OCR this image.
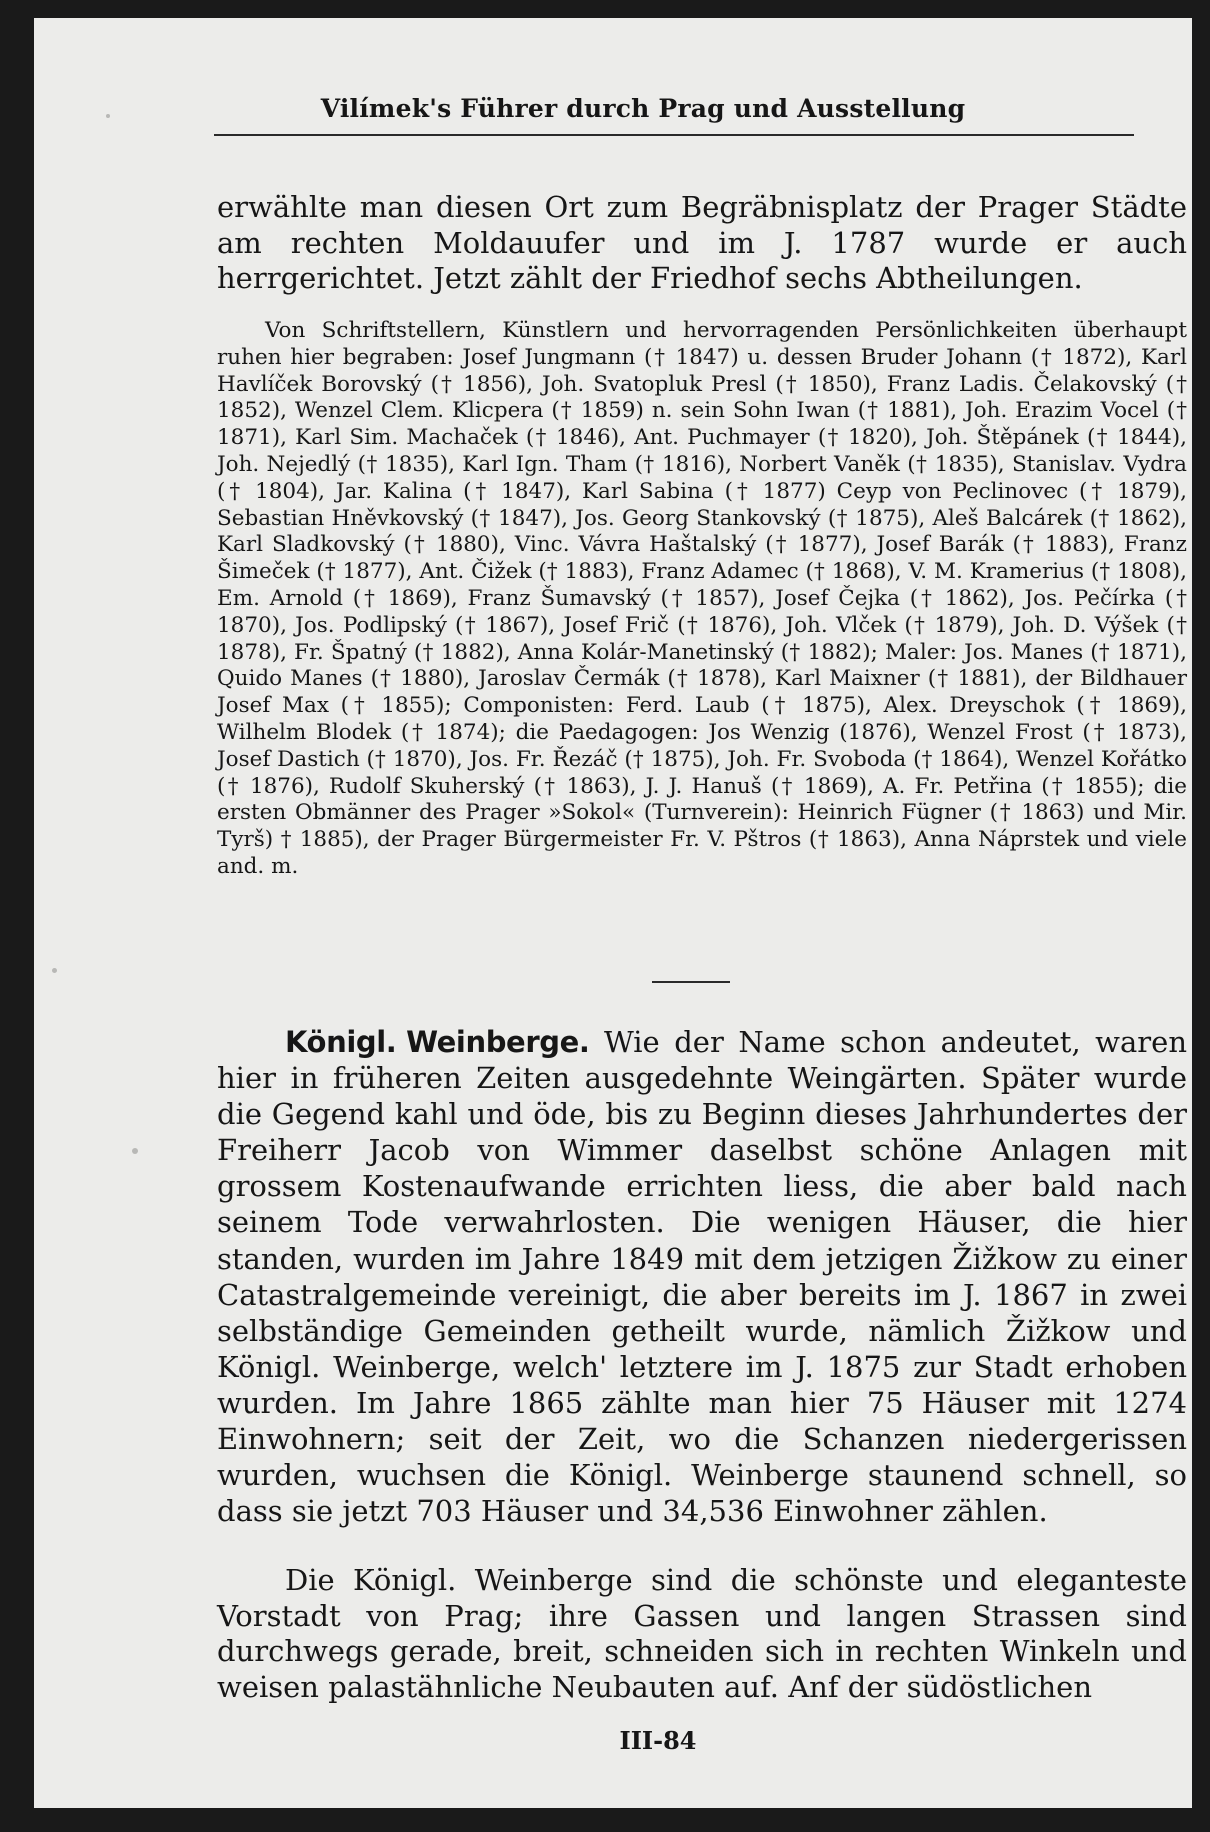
Vilímek's Führer durch Prag und Ausstellung
erwählte man diesen Ort zum Begräbnisplatz der Prager Städte am rechten Moldauufer und im J. 1787 wurde er auch herrgerichtet. Jetzt zählt der Friedhof sechs Abtheilungen.
Von Schriftstellern, Künstlern und hervorragenden Persönlichkeiten überhaupt ruhen hier begraben: Josef Jungmann († 1847) u. dessen Bruder Johann († 1872), Karl Havlíček Borovský († 1856), Joh. Svatopluk Presl († 1850), Franz Ladis. Čelakovský († 1852), Wenzel Clem. Klicpera († 1859) n. sein Sohn Iwan († 1881), Joh. Erazim Vocel († 1871), Karl Sim. Machaček († 1846), Ant. Puchmayer († 1820), Joh. Štěpánek († 1844), Joh. Nejedlý († 1835), Karl Ign. Tham († 1816), Norbert Vaněk († 1835), Stanislav. Vydra († 1804), Jar. Kalina († 1847), Karl Sabina († 1877) Ceyp von Peclinovec († 1879), Sebastian Hněvkovský († 1847), Jos. Georg Stankovský († 1875), Aleš Balcárek († 1862), Karl Sladkovský († 1880), Vinc. Vávra Haštalský († 1877), Josef Barák († 1883), Franz Šimeček († 1877), Ant. Čižek († 1883), Franz Adamec († 1868), V. M. Kramerius († 1808), Em. Arnold († 1869), Franz Šumavský († 1857), Josef Čejka († 1862), Jos. Pečírka († 1870), Jos. Podlipský († 1867), Josef Frič († 1876), Joh. Vlček († 1879), Joh. D. Výšek († 1878), Fr. Špatný († 1882), Anna Kolár-Manetinský († 1882); Maler: Jos. Manes († 1871), Quido Manes († 1880), Jaroslav Čermák († 1878), Karl Maixner († 1881), der Bildhauer Josef Max († 1855); Componisten: Ferd. Laub († 1875), Alex. Dreyschok († 1869), Wilhelm Blodek († 1874); die Paedagogen: Jos Wenzig (1876), Wenzel Frost († 1873), Josef Dastich († 1870), Jos. Fr. Řezáč († 1875), Joh. Fr. Svoboda († 1864), Wenzel Kořátko († 1876), Rudolf Skuherský († 1863), J. J. Hanuš († 1869), A. Fr. Petřina († 1855); die ersten Obmänner des Prager »Sokol« (Turnverein): Heinrich Fügner († 1863) und Mir. Tyrš) † 1885), der Prager Bürgermeister Fr. V. Pštros († 1863), Anna Náprstek und viele and. m.
Königl. Weinberge. Wie der Name schon andeutet, waren hier in früheren Zeiten ausgedehnte Weingärten. Später wurde die Gegend kahl und öde, bis zu Beginn dieses Jahrhundertes der Freiherr Jacob von Wimmer daselbst schöne Anlagen mit grossem Kostenaufwande errichten liess, die aber bald nach seinem Tode verwahrlosten. Die wenigen Häuser, die hier standen, wurden im Jahre 1849 mit dem jetzigen Žižkow zu einer Catastralgemeinde vereinigt, die aber bereits im J. 1867 in zwei selbständige Gemeinden getheilt wurde, nämlich Žižkow und Königl. Weinberge, welch' letztere im J. 1875 zur Stadt erhoben wurden. Im Jahre 1865 zählte man hier 75 Häuser mit 1274 Einwohnern; seit der Zeit, wo die Schanzen niedergerissen wurden, wuchsen die Königl. Weinberge staunend schnell, so dass sie jetzt 703 Häuser und 34,536 Einwohner zählen.
Die Königl. Weinberge sind die schönste und eleganteste Vorstadt von Prag; ihre Gassen und langen Strassen sind durchwegs gerade, breit, schneiden sich in rechten Winkeln und weisen palastähnliche Neubauten auf. Anf der südöstlichen
III-84
